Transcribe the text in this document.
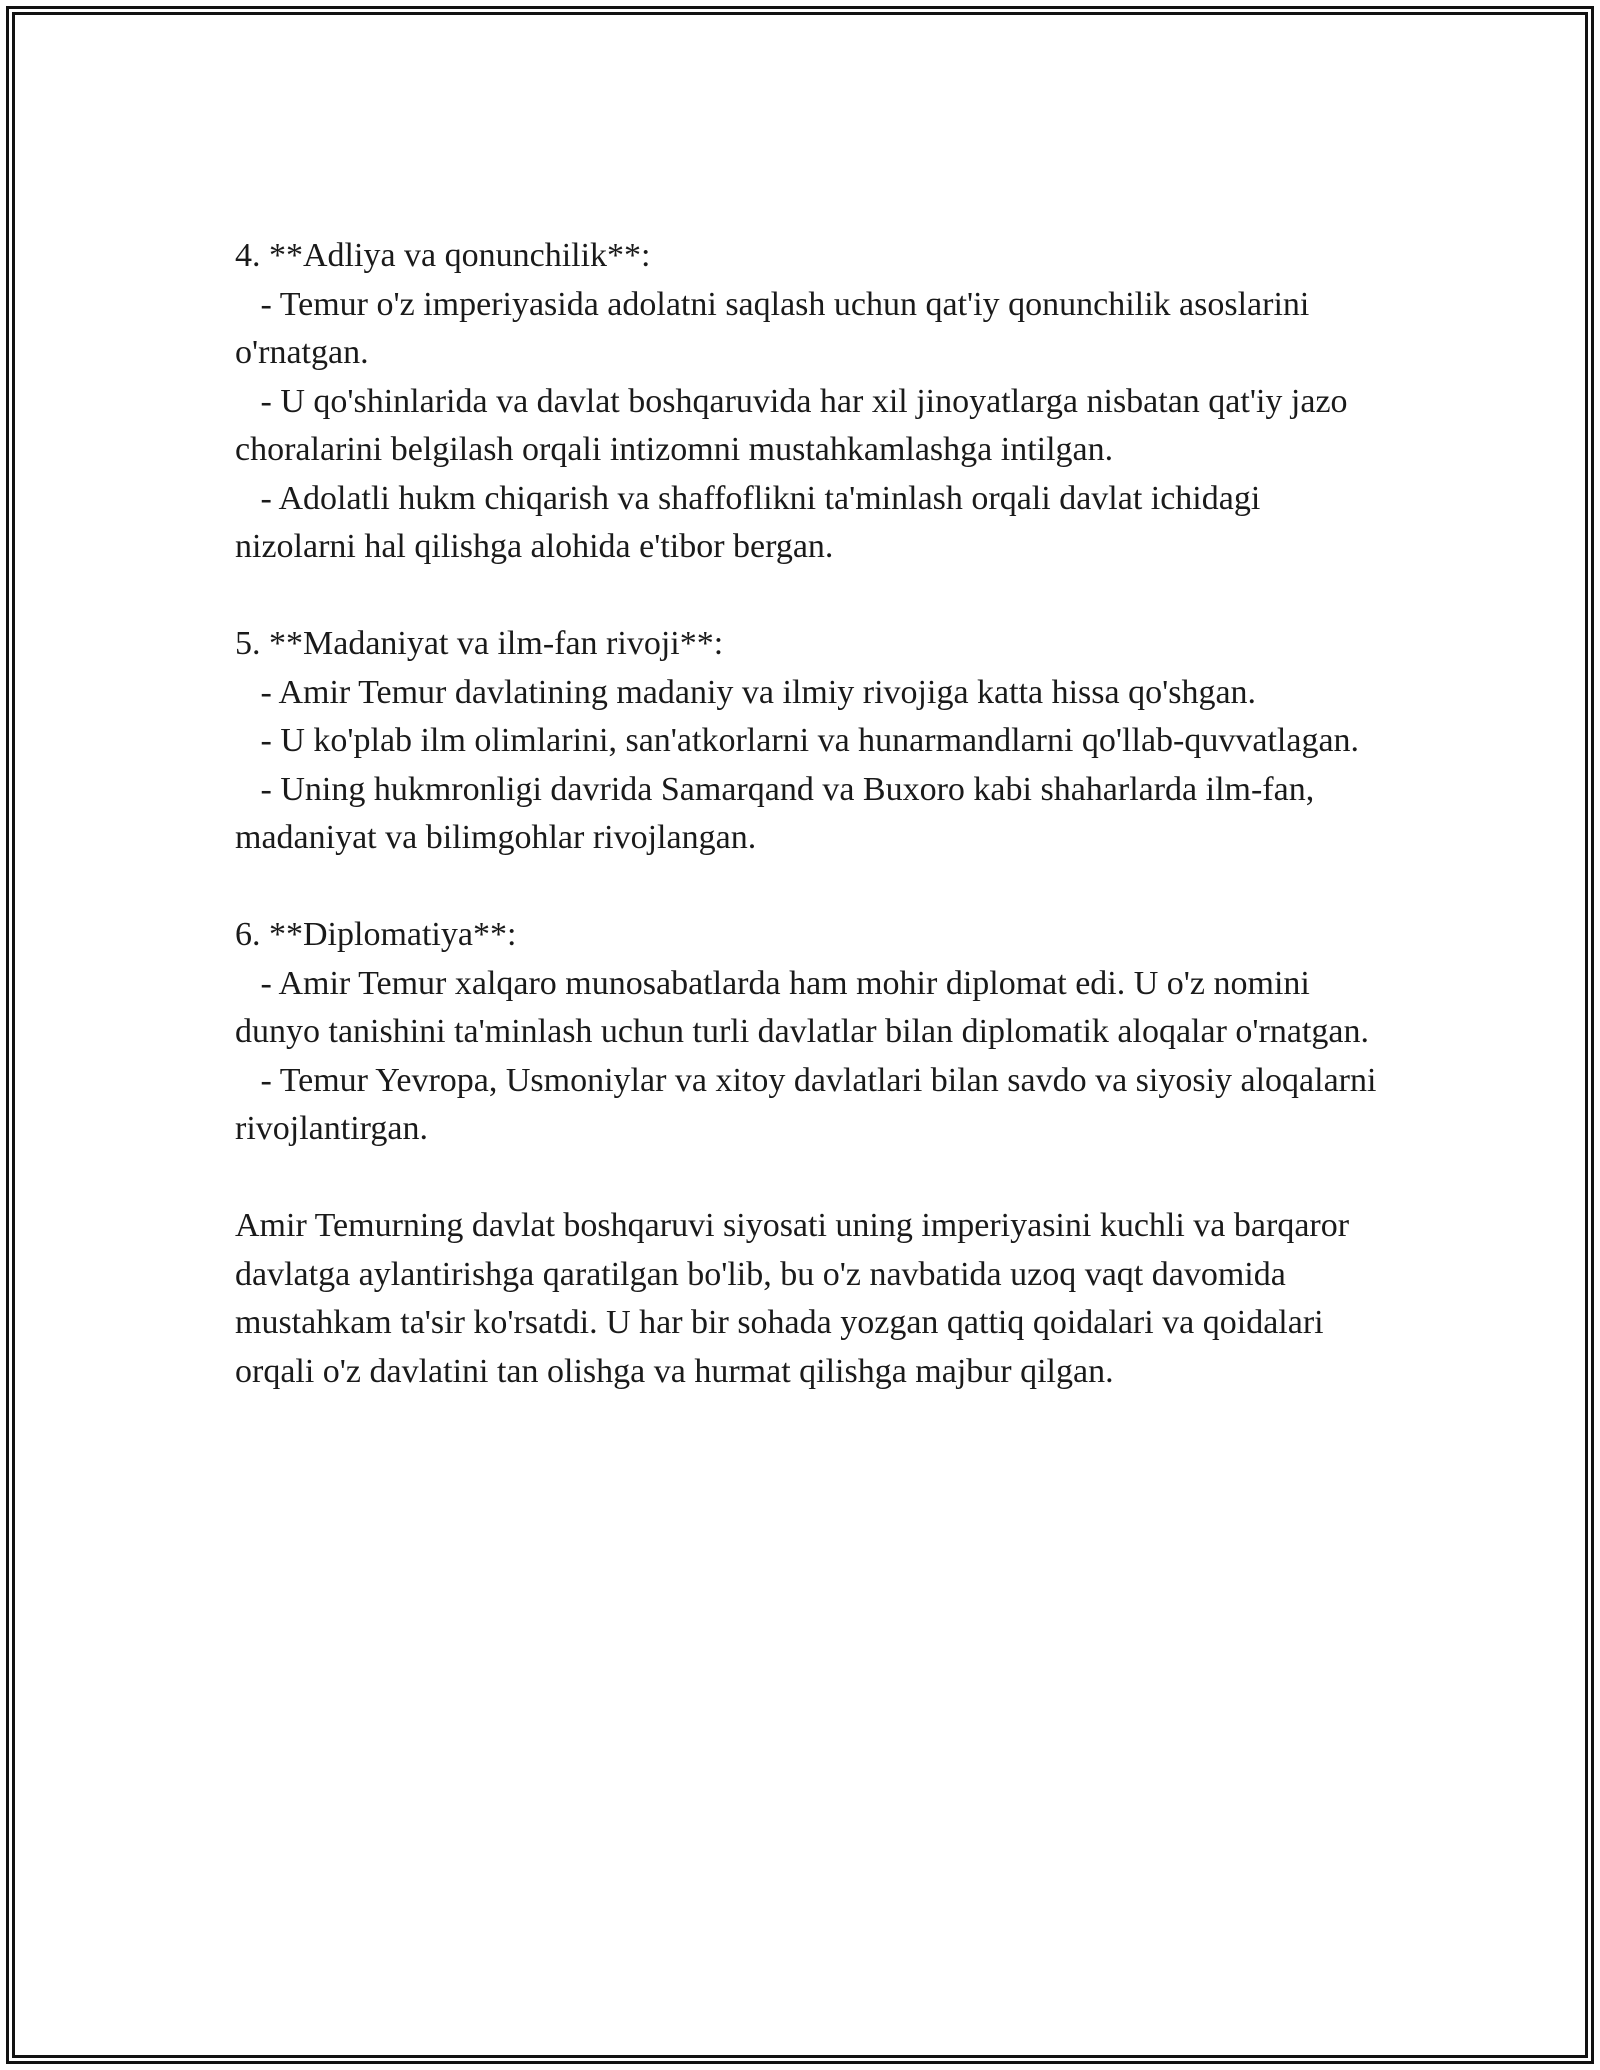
4. **Adliya va qonunchilik**:

- Temur o'z imperiyasida adolatni saqlash uchun qat'iy qonunchilik asoslarini o'rnatgan.

- U qo'shinlarida va davlat boshqaruvida har xil jinoyatlarga nisbatan qat'iy jazo choralarini belgilash orqali intizomni mustahkamlashga intilgan.

- Adolatli hukm chiqarish va shaffoflikni ta'minlash orqali davlat ichidagi nizolarni hal qilishga alohida e'tibor bergan.

5. **Madaniyat va ilm-fan rivoji**:

- Amir Temur davlatining madaniy va ilmiy rivojiga katta hissa qo'shgan.

- U ko'plab ilm olimlarini, san'atkorlarni va hunarmandlarni qo'llab-quvvatlagan.

- Uning hukmronligi davrida Samarqand va Buxoro kabi shaharlarda ilm-fan, madaniyat va bilimgohlar rivojlangan.

6. **Diplomatiya**:

- Amir Temur xalqaro munosabatlarda ham mohir diplomat edi. U o'z nomini dunyo tanishini ta'minlash uchun turli davlatlar bilan diplomatik aloqalar o'rnatgan.

- Temur Yevropa, Usmoniylar va xitoy davlatlari bilan savdo va siyosiy aloqalarni rivojlantirgan.

Amir Temurning davlat boshqaruvi siyosati uning imperiyasini kuchli va barqaror davlatga aylantirishga qaratilgan bo'lib, bu o'z navbatida uzoq vaqt davomida mustahkam ta'sir ko'rsatdi. U har bir sohada yozgan qattiq qoidalari va qoidalari orqali o'z davlatini tan olishga va hurmat qilishga majbur qilgan.
